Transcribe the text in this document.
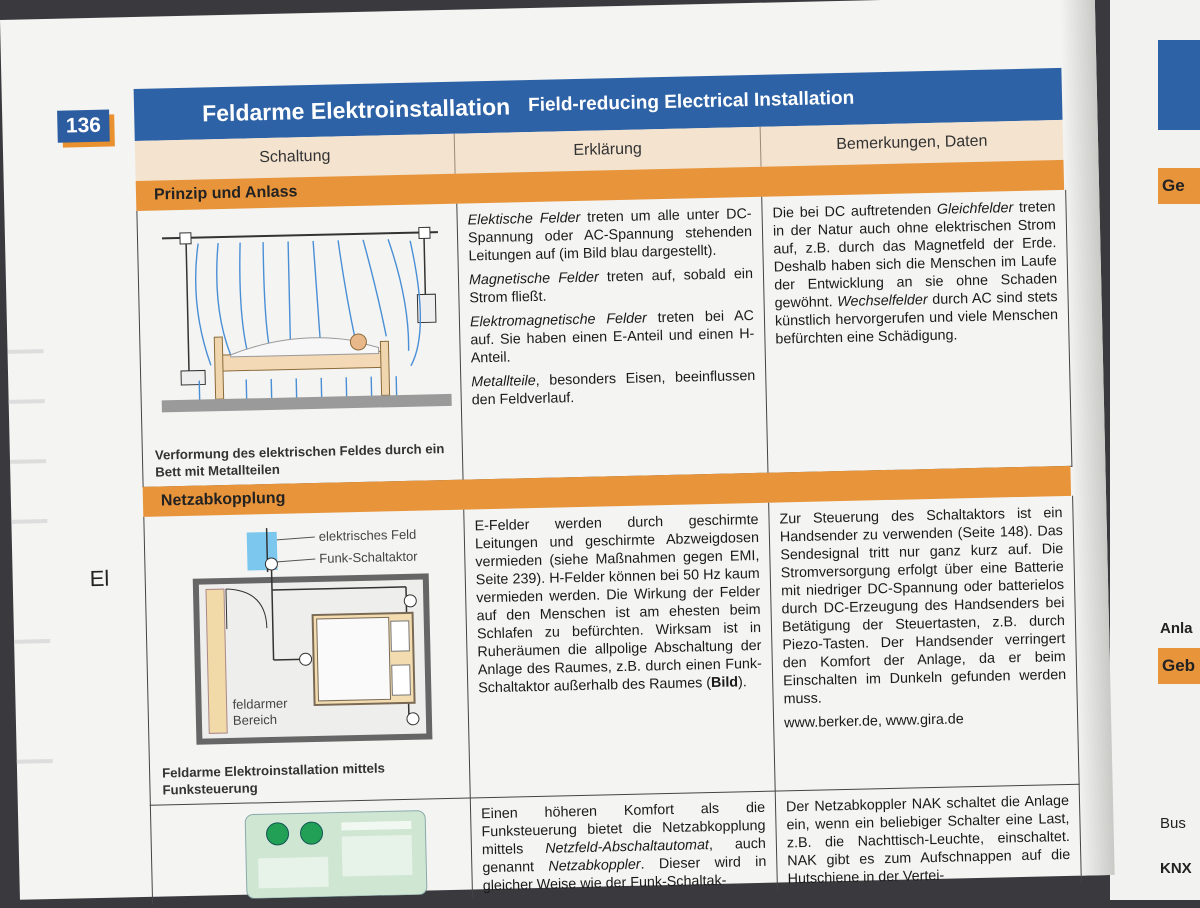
Ge
Anla
Geb
Bus
KNX
136
El
Feldarme Elektroinstallation Field-reducing Electrical Installation
Schaltung	Erklärung	Bemerkungen, Daten
Prinzip und Anlass
Verformung des elektrischen Feldes durch ein Bett mit Metallteilen

Elektische Felder treten um alle unter DC-Spannung oder AC-Spannung stehenden Leitungen auf (im Bild blau dargestellt).

Magnetische Felder treten auf, sobald ein Strom fließt.

Elektromagnetische Felder treten bei AC auf. Sie haben einen E-Anteil und einen H-Anteil.

Metallteile, besonders Eisen, beeinflussen den Feldverlauf.

Die bei DC auftretenden Gleichfelder treten in der Natur auch ohne elektrischen Strom auf, z.B. durch das Magnetfeld der Erde. Deshalb haben sich die Menschen im Laufe der Entwicklung an sie ohne Schaden gewöhnt. Wechselfelder durch AC sind stets künstlich hervorgerufen und viele Menschen befürchten eine Schädigung.

Netzabkopplung
elektrisches Feld
Funk-Schaltaktor
feldarmer
Bereich
Feldarme Elektroinstallation mittels Funksteuerung

E-Felder werden durch geschirmte Leitungen und geschirmte Abzweigdosen vermieden (siehe Maßnahmen gegen EMI, Seite 239). H-Felder können bei 50 Hz kaum vermieden werden. Die Wirkung der Felder auf den Menschen ist am ehesten beim Schlafen zu befürchten. Wirksam ist in Ruheräumen die allpolige Abschaltung der Anlage des Raumes, z.B. durch einen Funk-Schaltaktor außerhalb des Raumes (Bild).

Zur Steuerung des Schaltaktors ist ein Handsender zu verwenden (Seite 148). Das Sendesignal tritt nur ganz kurz auf. Die Stromversorgung erfolgt über eine Batterie mit niedriger DC-Spannung oder batterielos durch DC-Erzeugung des Handsenders bei Betätigung der Steuertasten, z.B. durch Piezo-Tasten. Der Handsender verringert den Komfort der Anlage, da er beim Einschalten im Dunkeln gefunden werden muss.

www.berker.de, www.gira.de

Einen höheren Komfort als die Funksteuerung bietet die Netzabkopplung mittels Netzfeld-Abschaltautomat, auch genannt Netzabkoppler. Dieser wird in gleicher Weise wie der Funk-Schaltak-

Der Netzabkoppler NAK schaltet die Anlage ein, wenn ein beliebiger Schalter eine Last, z.B. die Nachttisch-Leuchte, einschaltet. NAK gibt es zum Aufschnappen auf die Hutschiene in der Vertei-
